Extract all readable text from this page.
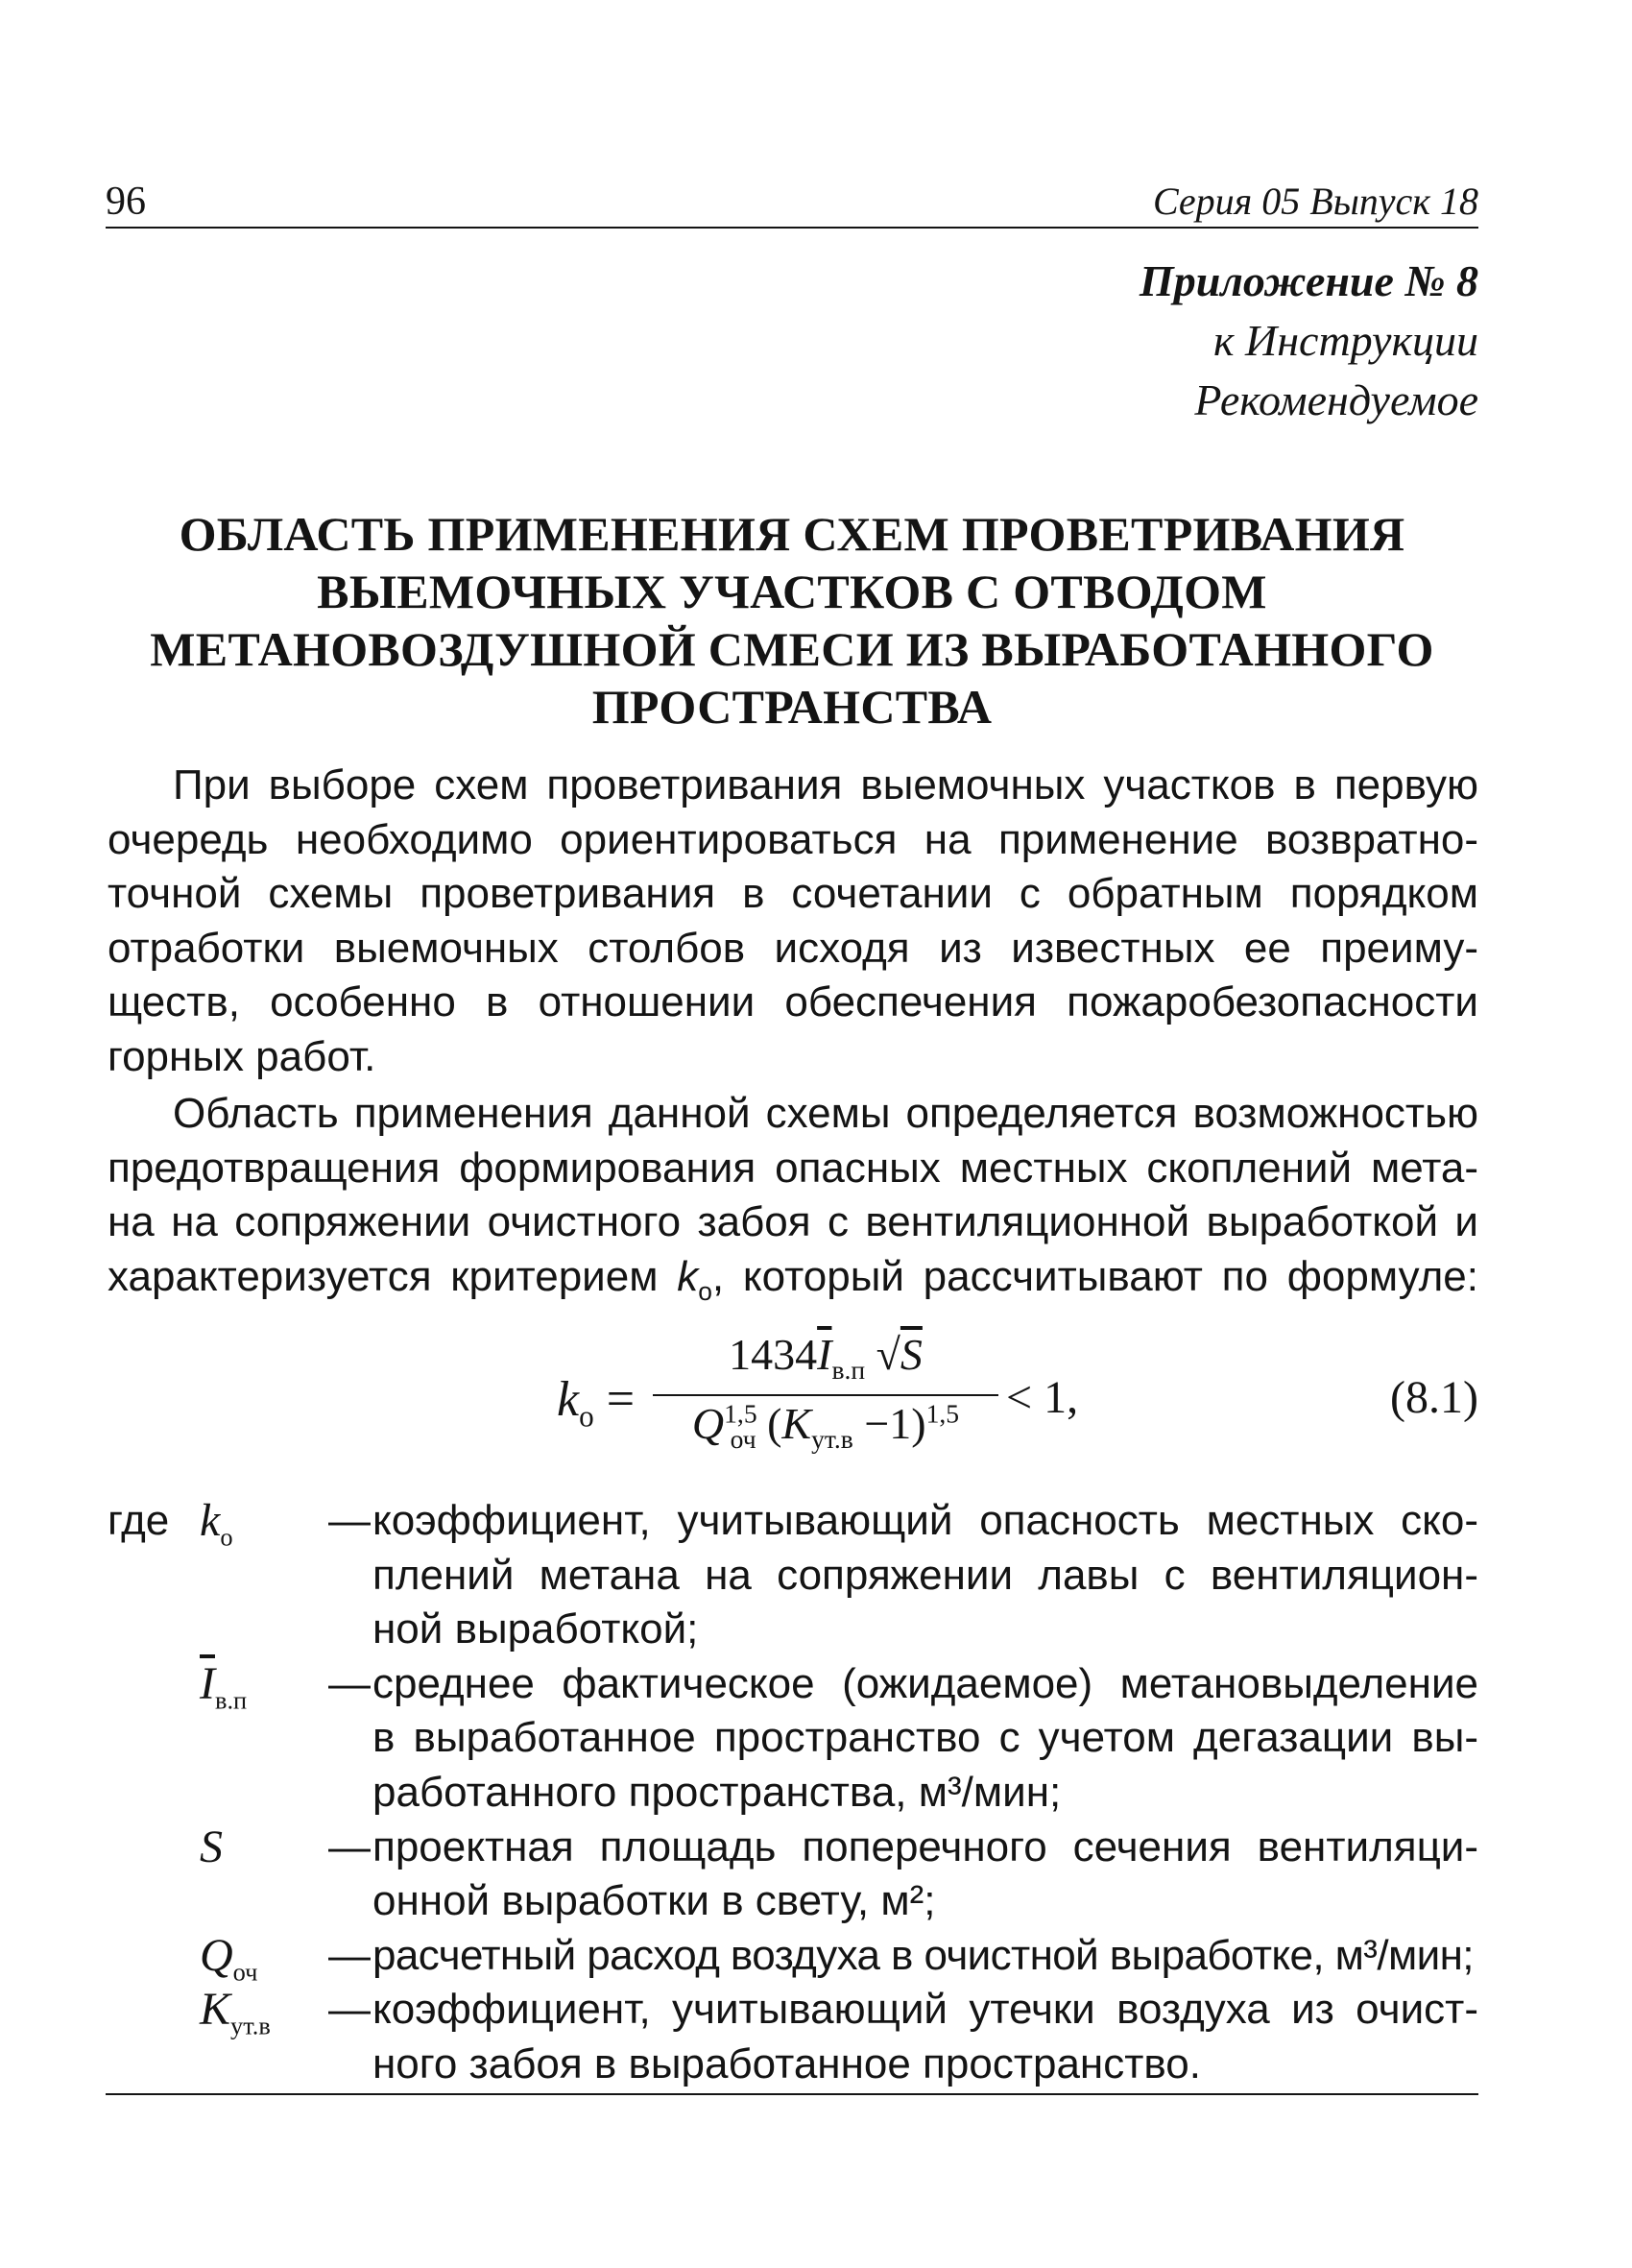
96	Серия 05 Выпуск 18
Приложение № 8
к Инструкции
Рекомендуемое
ОБЛАСТЬ ПРИМЕНЕНИЯ СХЕМ ПРОВЕТРИВАНИЯ
ВЫЕМОЧНЫХ УЧАСТКОВ С ОТВОДОМ
МЕТАНОВОЗДУШНОЙ СМЕСИ ИЗ ВЫРАБОТАННОГО
ПРОСТРАНСТВА
При выборе схем проветривания выемочных участков в первую
очередь необходимо ориентироваться на применение возвратно-
точной схемы проветривания в сочетании с обратным порядком
отработки выемочных столбов исходя из известных ее преиму-
ществ, особенно в отношении обеспечения пожаробезопасности
горных работ.
Область применения данной схемы определяется возможностью
предотвращения формирования опасных местных скоплений мета-
на на сопряжении очистного забоя с вентиляционной выработкой и
характеризуется критерием $k_о$, который рассчитывают по формуле:
$k_о$ =
$1434\overline{I}_{в.п}$ √S
Q$^{1,5}_{оч}$ $(K_{ут.в} -1)^{1,5}$	< 1,	(8.1)
где $k_о$	— коэффициент, учитывающий опасность местных ско-
плений метана на сопряжении лавы с вентиляцион-
ной выработкой;
$\overline{I}_{в.п}$	— среднее фактическое (ожидаемое) метановыделение
в выработанное пространство с учетом дегазации вы-
работанного пространства, м³/мин;
S	— проектная площадь поперечного сечения вентиляци-
онной выработки в свету, м²;
$Q_{оч}$	— расчетный расход воздуха в очистной выработке, м³/мин;
$K_{ут.в}$	— коэффициент, учитывающий утечки воздуха из очист-
ного забоя в выработанное пространство.
